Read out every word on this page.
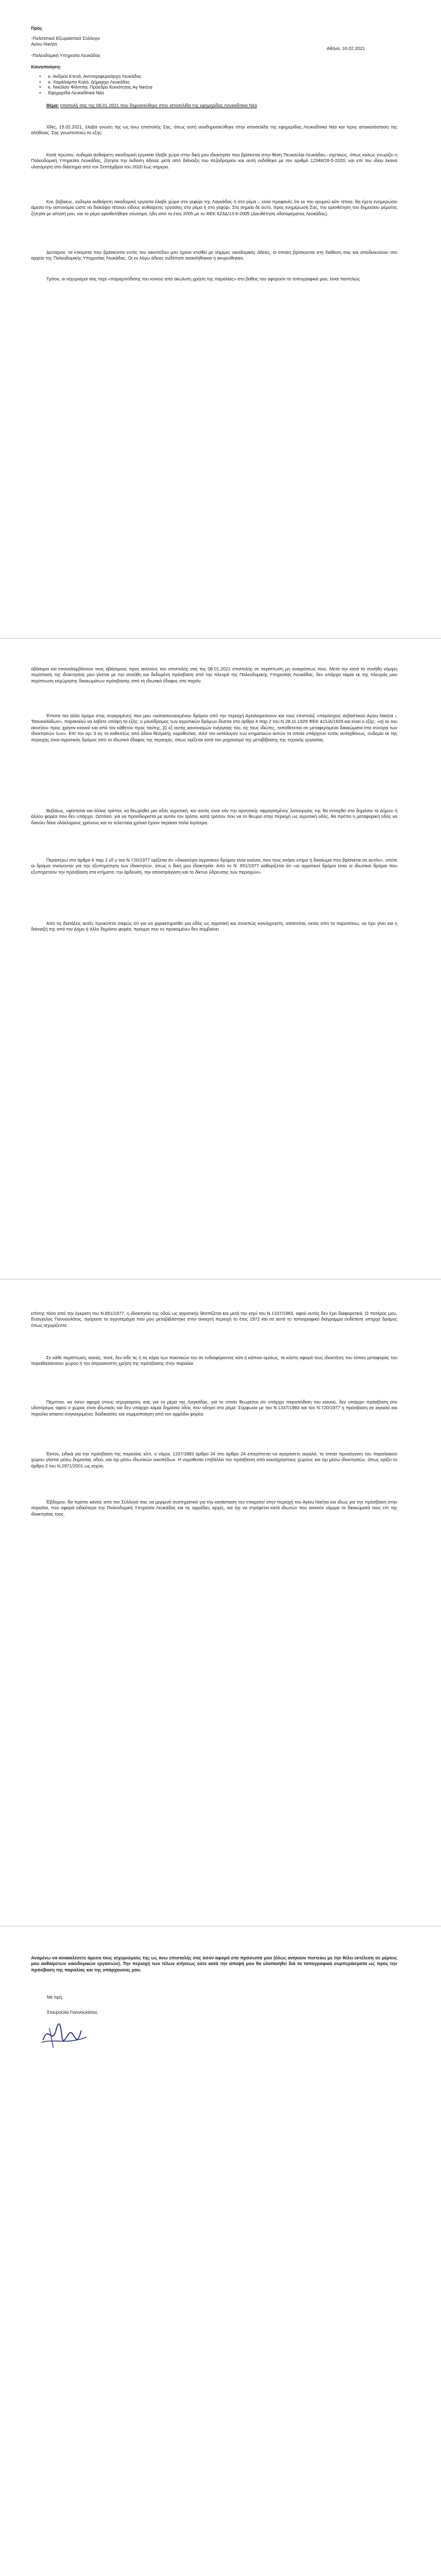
Προς
-Πολιτιστικό Εξωραϊστικό Σύλλογο
Αγίου Νικήτα
Αθήνα, 16.02.2021
-Πολεοδομική Υπηρεσία Λευκάδας
Κοινοποίηση:
• κ. Ανδρέα Κτενά, Αντιπεριφερειάρχη Λευκάδας
• κ. Χαράλαμπο Καλό, Δήμαρχο Λευκάδας
• κ. Νικόλαο Φίλιππα, Πρόεδρο Κοινότητας Αγ Νικήτα
• Εφημερίδα Λευκαδίτικα Νέα
Θέμα: επιστολή σας της 08.01.2021 που δημοσιεύθηκε στην ιστοσελίδα της εφημερίδας Λευκαδίτικα Νέα

Χθες, 15.02.2021, έλαβα γνώση της ως άνω επιστολής Σας, όπως αυτή αναδημοσιεύθηκε στην ιστοσελίδα της εφημερίδας Λευκαδίτικα Νέα και προς αποκατάσταση της αλήθειας, Σας γνωστοποιώ τα εξής:

Κατά πρώτον, ουδεμία αυθαίρετη οικοδομική εργασία έλαβε χώρα στην δική μου ιδιοκτησία που βρίσκεται στην θέση Πευκούλια Λευκάδας– σχετικώς, όπως καλώς γνωρίζει η Πολεοδομική Υπηρεσία Λευκάδας, ζήτησα την έκδοση άδειας μετά από διάνοιξη του πεζοδρομίου και αυτή εκδόθηκε με τον αριθμό 12348/28-5-2020, και επί του ιδίου έκανα υλοτόμηση στο διάστημα από τον Σεπτέμβριο του 2020 έως σήμερα.

Και, βεβαίως, ουδεμία αυθαίρετη οικοδομική εργασία έλαβε χώρα στο γεφύρι της Λαγκάδας ή στο ρέμα – είναι προφανές ότι εκ του ορυμού κάτι τέτοιο, θα έχετε ενημερώσει άμεσα την αστυνομία ώστε να διακόψει τέτοιου είδους αυθαίρετες εργασίες στο ρέμα ή στο γεφύρι. Στο σημείο δε αυτό, προς ενημέρωσή Σας, την οριοθέτηση του δημοσίου ρέματος ζήτησα με αίτησή μου, και το ρέμα οριοθετήθηκε σύννομα, ήδη από το έτος 2005 με το ΦΕΚ 623Δ/13-6-2005 (Διευθέτηση υδατορέματος Λευκάδας).

Δεύτερον, τα κτίσματα που βρίσκονται εντός του οικοπέδου μου έχουν κτισθεί με νόμιμες οικοδομικές άδειες, οι οποίες βρίσκονται στη διάθεση σας και αποδεικνύουν στο αρχείο της Πολεοδομικής Υπηρεσίας Λευκάδας. Οι εν λόγω άδειες ουδέποτε ανακλήθηκαν ή ακυρώθηκαν.

Τρίτον, οι ισχυρισμοί σας περί «παραμπόδισης του κοινού από ακώλυτη χρήση της παραλίας» στο βάθος του αφορούν το τοπογραφικό μου, είναι παντελώς

αβάσιμοι και επαναλαμβάνουν τους αβάσιμους προς εκείνους του επιστολής σας της 08.01.2021 επιστολής σε περίπτωση μη αναιρέσεως τους. Μετά την κατά τα συνήθη νόμιμη περίσταση της ιδιοκτησίας μου γίνεται με την συνήθη και δεδομένη πρόσβαση από την πλευρά της Πολεοδομικής Υπηρεσίας Λευκάδας, δεν υπάρχει καμία εκ της πλευράς μου περίπτωση εκχώρησης δικαιωμάτων πρόσβασης από το ιδιωτικό έδαφος στο παρόν.

Έπειτα τον αλλο όρομο στης συγκριμένης που μου «κατασκευασμένου δρόμου από την περιοχή Αγιολιορεσκουν και τους επιστολιζ «παράσχοις σεβαστικού Αγίου Νικήτα – Τσουκαλάδων», παρακαλώ να λαβετε υπόψη τα εξής: ο μονόδρομος των αγροτικών δρόμων δίνεται στο άρθρο 4 παρ 2 του Ν 28.11.1929 ΦΕΚ 421/Α/1929 και είναι ο εξής: «α) εκ του ακινήτου προς χρήσιν κοινού και από τον κάθετον προς ταύτης, β) εξ αυτής κανονισμών ενέργειας του, εις τους ιδιώτες, τοποθετείται σε μεταφερόμενα δικαιώματα στα σύνορα των ιδιοκτησιών των». Επί τον αρ. 3 εις το καθεστώς από άδεια θεσμικής νομοθεσίας. Από τον κατάλογον των κτηματικών αυτών τα οποία υπάρχουν εντός αυτοχθόνως, ουδεμία εκ της περιοχής είναι αγροτικός δρόμος από το ιδιωτικό έδαφος της περιοχής, όπως ορίζεται κατά τον μηχανισμό της μεταβίβασης της τεχνικής εργασίας.

Βεβαίως, υφίσταται και άλλος τρόπος να θεωρηθεί μια οδός αγροτική, και αυτός είναι εάν την αρνητικής σφραγισμένης λειτουργίας της θα ενταχθεί στο δημόσιο το Δήμου ή άλλου φορέα που δεν υπάρχει. Ωστόσο, για να προσδιοριστεί με αυτόν τον τρόπο, κατά τρόπον που να το θεωρεί στην περιοχή ως αγροτική οδός, θα πρέπει η μεταφορική οδός να διανύει δέκα ολόκληρους χρόνους και τα τελευταία χρόνια έχουν περάσει πολύ λιγότερα.

Περαιτέρω στο άρθρο 6 παρ 2 εδ γ του Ν.720/1977 ορίζεται ότι «δικαιούχοι αγροτικού δρόμου είναι εκείνοι, που τους ανήκει κτήμα ή δικαίωμα που βρίσκεται σε αυτόν», οπότε οι δρόμοι ανοίγονται για την εξυπηρέτηση των ιδιοκτητών, όπως η δική μου ιδιοκτησία. Από το Ν. 651/1977 καθορίζεται ότι «οι αγροτικοί δρόμοι είναι οι ιδιωτικοί δρόμοι που εξυπηρετούν την πρόσβαση στα κτήματα, την άρδευση, την αποστράγγιση και το δίκτυο ύδρευσης των περιοχών».

Από τις διατάξεις αυτές προκύπτει σαφώς ότι για να χαρακτηρισθεί μια οδός ως αγροτική και συνεπώς κοινόχρηστη, απαιτείται, εκτός από τα παραπάνω, να έχει γίνει και η διάνοιξή της από τον Δήμο ή άλλο δημόσιο φορέα, πράγμα που εν προκειμένω δεν συμβαίνει.

επίσης τόσο από την έγκριση του Ν.651/1977, η ιδιοκτησία της οδού ως αγροτικής θεσπίζεται και μετά την ισχύ του Ν.1337/1983, αφού αυτός δεν έχει διαφορετικά. Ο πατέρας μου, Ευάγγελος Γιαννουλάτος, αγόρασε το αγροτεμάχιο που μου μεταβιβάστηκε στην ανοιχτή περιοχή το έτος 1972 και σε αυτό το τοπογραφικό διάγραμμα ουδέποτε υπήρχε δρόμος όπως ισχυρίζεστε.

Σε κάθε περίπτωση, κανείς, ποτέ, δεν είδε τις ή τις κάρα των ποιοτικών του σε ενδιαφέροντος κάτι ή κάποιο ομοίως, τα κόστη αφορά τους ιδιοκτήτες του τόπου μεταφοράς του παραθαλάσσιου χώρου ή την άπροσκοπτη χρήση της πρόσβασης στην παραλία.

Πέμπτον, κα όσον αφορά στους ισχυρισμούς σας για το ρέμα της Λαγκάδας, για το οποίο θεωρείται ότι υπάρχει παραπόδιση του κοινού, δεν υπάρχει πρόσβαση στο υδατόρεμα, αφού ο χώρος είναι ιδιωτικός και δεν υπάρχει καμία δημόσια οδός που οδηγεί στο ρέμα. Σύμφωνα με τον Ν.1337/1983 και τον Ν.720/1977 η πρόσβαση σε αιγιαλό και παραλία απαιτεί συγκεκριμένες διαδικασίες και νομιμοποίηση από τον αρμόδιο φορέα.

Έκτον, ειδικά για την πρόσβαση της παραλίας κλπ, ο νόμος 1337/1983 άρθρο 24 στο άρθρο 24 επιτρέπεται να αγοράσετε αιγιαλό, το οποίο προσέγγιση του παραλιακού χώρου γίνεται μέσω δημοσίας οδού, και όχι μέσω ιδιωτικών οικοπέδων. Η νομοθεσία επιβάλλει την πρόσβαση από κοινόχρηστους χώρους και όχι μέσω ιδιοκτησιών, όπως ορίζει το άρθρο 2 του Ν.2971/2001 ως ισχύει.

Έβδομον, θα πρέπει κανείς από τον Σύλλογό σας να μεριμνά συστηματικά για την κατάσταση του επικρατεί στην περιοχή του Αγίου Νικήτα και ιδίως για την πρόσβαση στην παραλία, που αφορά ειδικότερα την Πολεοδομική Υπηρεσία Λευκάδας και τις αρμόδιες αρχές, και όχι να στρέφεται κατά ιδιωτών που ασκούν νόμιμα τα δικαιώματά τους επί της ιδιοκτησίας τους.

Αναμένω να ανακαλέσετε άμεσα τους ισχυρισμούς της ως άνω επιστολής σας όσον αφορά στο πρόσωπό μου (όλως ανήκουν πιστεύω με την θέλει εκτέλεση σε μέρους μου αυθαίρετων οικοδομικών εργασιών). Την περιοχή των τέλων κτήσεως ούτε κατά την άποψή μου θα υλοποιηθεί διά τα τοπογραφικά συμπεράσματα ως προς την πρόσβαση της παραλίας και της υπάρχουσας μου.

Με τιμή,
Σταυρούλα Γιαννουλάτου.
